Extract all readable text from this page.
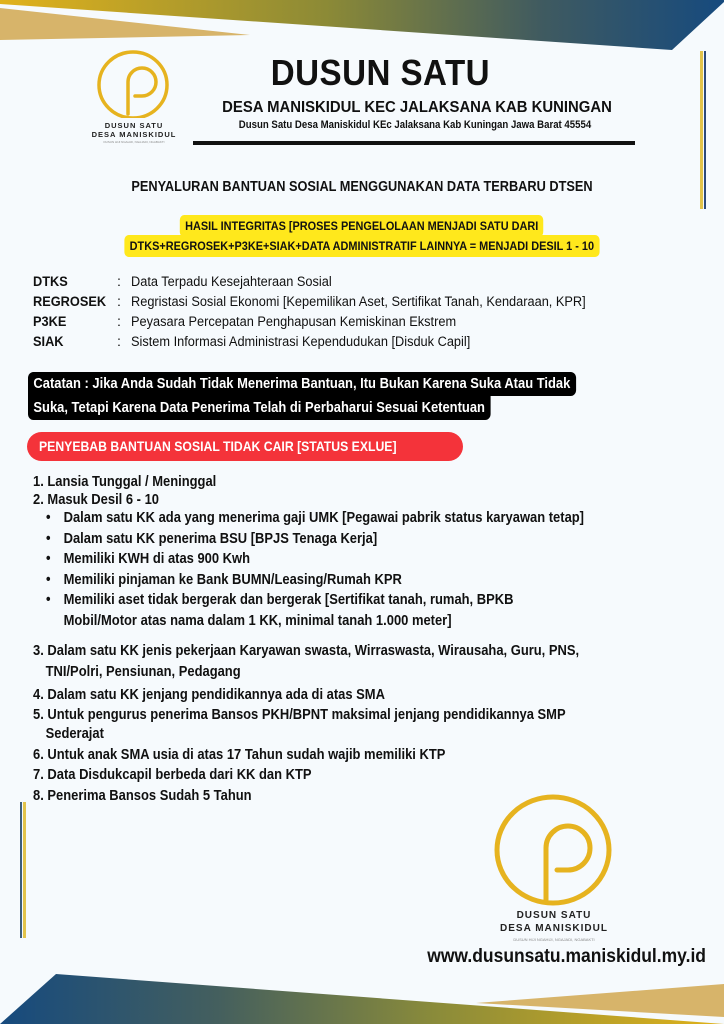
DUSUN SATU
DESA MANISKIDUL
DUSUN HIJI NGAHIJI, NGAJADI, NGABAKTI
DUSUN SATU
DESA MANISKIDUL KEC JALAKSANA KAB KUNINGAN
Dusun Satu Desa Maniskidul KEc Jalaksana Kab Kuningan Jawa Barat 45554
PENYALURAN BANTUAN SOSIAL MENGGUNAKAN DATA TERBARU DTSEN
HASIL INTEGRITAS [PROSES PENGELOLAAN MENJADI SATU DARI
DTKS+REGROSEK+P3KE+SIAK+DATA ADMINISTRATIF LAINNYA = MENJADI DESIL 1 - 10
DTKS	: Data Terpadu Kesejahteraan Sosial
REGROSEK : Regristasi Sosial Ekonomi [Kepemilikan Aset, Sertifikat Tanah, Kendaraan, KPR]
P3KE	: Peyasara Percepatan Penghapusan Kemiskinan Ekstrem
SIAK	: Sistem Informasi Administrasi Kependudukan [Disduk Capil]
Catatan : Jika Anda Sudah Tidak Menerima Bantuan, Itu Bukan Karena Suka Atau Tidak
Suka, Tetapi Karena Data Penerima Telah di Perbaharui Sesuai Ketentuan
PENYEBAB BANTUAN SOSIAL TIDAK CAIR [STATUS EXLUE]
1. Lansia Tunggal / Meninggal
2. Masuk Desil 6 - 10
• Dalam satu KK ada yang menerima gaji UMK [Pegawai pabrik status karyawan tetap]
• Dalam satu KK penerima BSU [BPJS Tenaga Kerja]
• Memiliki KWH di atas 900 Kwh
• Memiliki pinjaman ke Bank BUMN/Leasing/Rumah KPR
• Memiliki aset tidak bergerak dan bergerak [Sertifikat tanah, rumah, BPKB
Mobil/Motor atas nama dalam 1 KK, minimal tanah 1.000 meter]
3. Dalam satu KK jenis pekerjaan Karyawan swasta, Wirraswasta, Wirausaha, Guru, PNS,
TNI/Polri, Pensiunan, Pedagang
4. Dalam satu KK jenjang pendidikannya ada di atas SMA
5. Untuk pengurus penerima Bansos PKH/BPNT maksimal jenjang pendidikannya SMP
Sederajat
6. Untuk anak SMA usia di atas 17 Tahun sudah wajib memiliki KTP
7. Data Disdukcapil berbeda dari KK dan KTP
8. Penerima Bansos Sudah 5 Tahun
DUSUN SATU
DESA MANISKIDUL
DUSUN HIJI NGAHIJI, NGAJADI, NGABAKTI
www.dusunsatu.maniskidul.my.id
